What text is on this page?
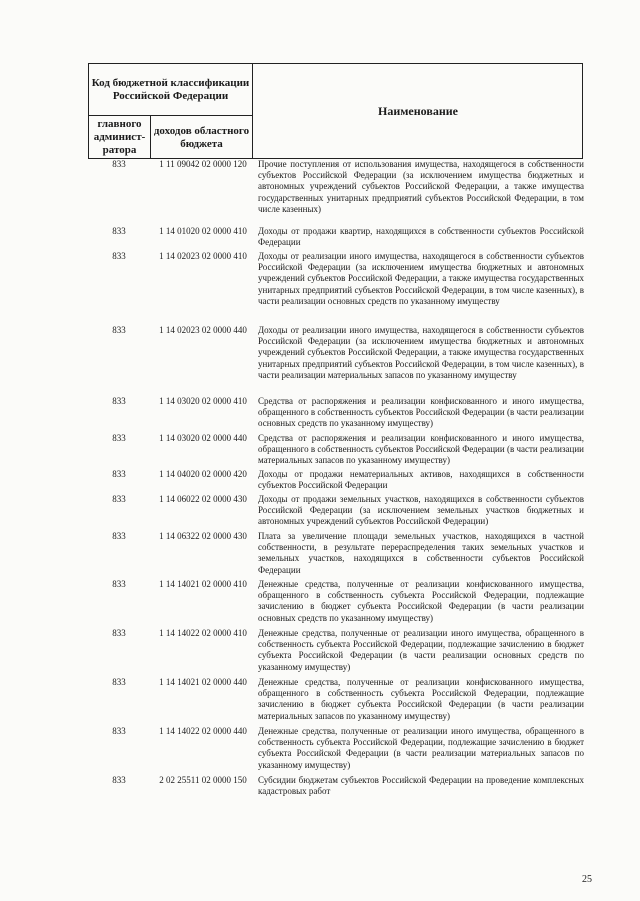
Код бюджетной классификации Российской Федерации
главного админист-ратора
доходов областного бюджета
Наименование
833	1 11 09042 02 0000 120	Прочие поступления от использования имущества, находящегося в собственности субъектов Российской Федерации (за исключением имущества бюджетных и автономных учреждений субъектов Российской Федерации, а также имущества государственных унитарных предприятий субъектов Российской Федерации, в том числе казенных)
833	1 14 01020 02 0000 410	Доходы от продажи квартир, находящихся в собственности субъектов Российской Федерации
833	1 14 02023 02 0000 410	Доходы от реализации иного имущества, находящегося в собственности субъектов Российской Федерации (за исключением имущества бюджетных и автономных учреждений субъектов Российской Федерации, а также имущества государственных унитарных предприятий субъектов Российской Федерации, в том числе казенных), в части реализации основных средств по указанному имуществу
833	1 14 02023 02 0000 440	Доходы от реализации иного имущества, находящегося в собственности субъектов Российской Федерации (за исключением имущества бюджетных и автономных учреждений субъектов Российской Федерации, а также имущества государственных унитарных предприятий субъектов Российской Федерации, в том числе казенных), в части реализации материальных запасов по указанному имуществу
833	1 14 03020 02 0000 410	Средства от распоряжения и реализации конфискованного и иного имущества, обращенного в собственность субъектов Российской Федерации (в части реализации основных средств по указанному имуществу)
833	1 14 03020 02 0000 440	Средства от распоряжения и реализации конфискованного и иного имущества, обращенного в собственность субъектов Российской Федерации (в части реализации материальных запасов по указанному имуществу)
833	1 14 04020 02 0000 420	Доходы от продажи нематериальных активов, находящихся в собственности субъектов Российской Федерации
833	1 14 06022 02 0000 430	Доходы от продажи земельных участков, находящихся в собственности субъектов Российской Федерации (за исключением земельных участков бюджетных и автономных учреждений субъектов Российской Федерации)
833	1 14 06322 02 0000 430	Плата за увеличение площади земельных участков, находящихся в частной собственности, в результате перераспределения таких земельных участков и земельных участков, находящихся в собственности субъектов Российской Федерации
833	1 14 14021 02 0000 410	Денежные средства, полученные от реализации конфискованного имущества, обращенного в собственность субъекта Российской Федерации, подлежащие зачислению в бюджет субъекта Российской Федерации (в части реализации основных средств по указанному имуществу)
833	1 14 14022 02 0000 410	Денежные средства, полученные от реализации иного имущества, обращенного в собственность субъекта Российской Федерации, подлежащие зачислению в бюджет субъекта Российской Федерации (в части реализации основных средств по указанному имуществу)
833	1 14 14021 02 0000 440	Денежные средства, полученные от реализации конфискованного имущества, обращенного в собственность субъекта Российской Федерации, подлежащие зачислению в бюджет субъекта Российской Федерации (в части реализации материальных запасов по указанному имуществу)
833	1 14 14022 02 0000 440	Денежные средства, полученные от реализации иного имущества, обращенного в собственность субъекта Российской Федерации, подлежащие зачислению в бюджет субъекта Российской Федерации (в части реализации материальных запасов по указанному имуществу)
833	2 02 25511 02 0000 150	Субсидии бюджетам субъектов Российской Федерации на проведение комплексных кадастровых работ
25
